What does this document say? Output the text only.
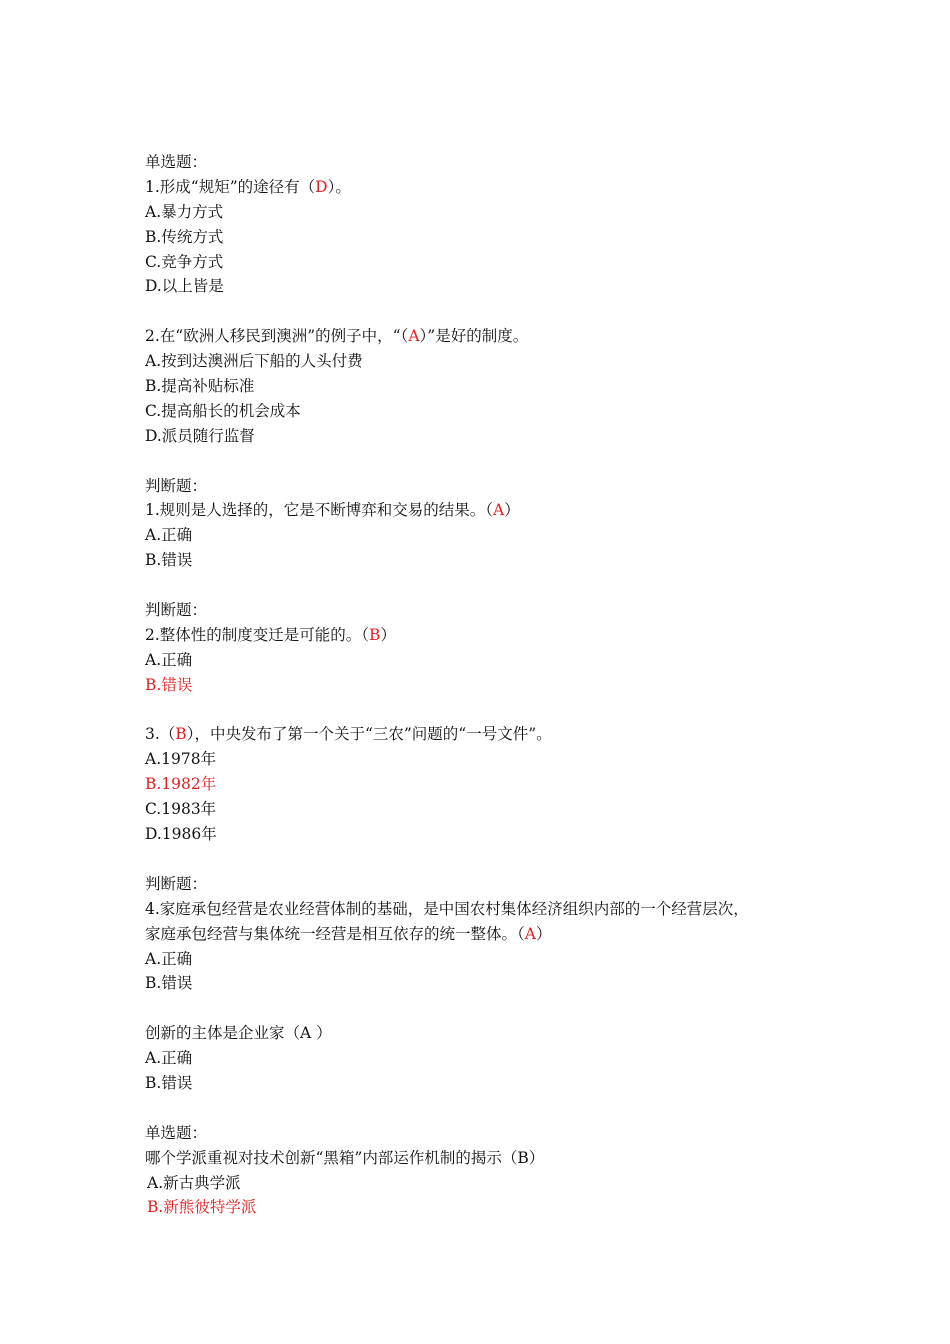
单选题：
1.形成“规矩”的途径有（D）。
A.暴力方式
B.传统方式
C.竞争方式
D.以上皆是
2.在“欧洲人移民到澳洲”的例子中，“（A）”是好的制度。
A.按到达澳洲后下船的人头付费
B.提高补贴标准
C.提高船长的机会成本
D.派员随行监督
判断题：
1.规则是人选择的，它是不断博弈和交易的结果。（A）
A.正确
B.错误
判断题：
2.整体性的制度变迁是可能的。（B）
A.正确
B.错误
3.（B），中央发布了第一个关于“三农”问题的“一号文件”。
A.1978年
B.1982年
C.1983年
D.1986年
判断题：
4.家庭承包经营是农业经营体制的基础，是中国农村集体经济组织内部的一个经营层次，
家庭承包经营与集体统一经营是相互依存的统一整体。（A）
A.正确
B.错误
创新的主体是企业家（A ）
A.正确
B.错误
单选题：
哪个学派重视对技术创新“黑箱”内部运作机制的揭示（B）
A.新古典学派
B.新熊彼特学派
